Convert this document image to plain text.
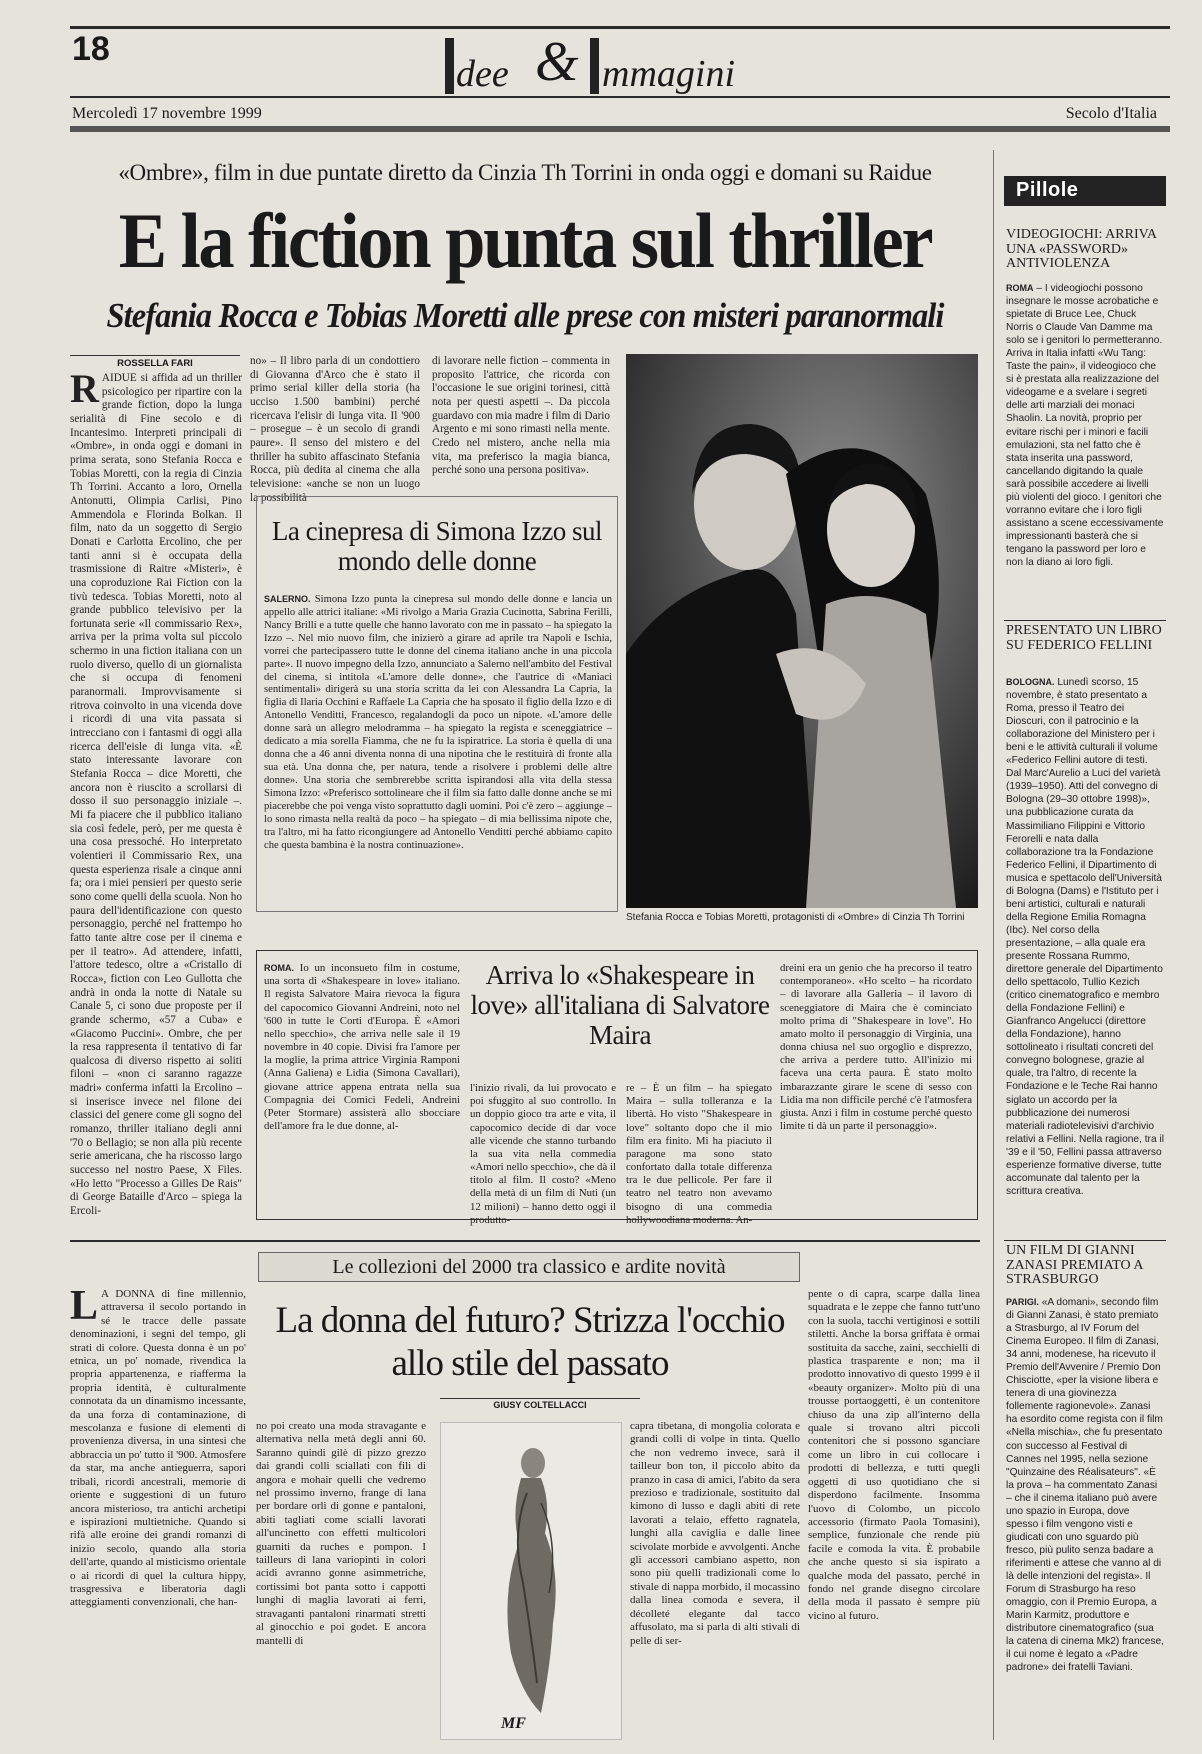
18
dee & mmagini
Mercoledì 17 novembre 1999	Secolo d'Italia
«Ombre», film in due puntate diretto da Cinzia Th Torrini in onda oggi e domani su Raidue
E la fiction punta sul thriller
Stefania Rocca e Tobias Moretti alle prese con misteri paranormali
ROSSELLA FARI
RAIDUE si affida ad un thriller psicologico per ripartire con la grande fiction, dopo la lunga serialità di Fine secolo e di Incantesimo. Interpreti principali di «Ombre», in onda oggi e domani in prima serata, sono Stefania Rocca e Tobias Moretti, con la regia di Cinzia Th Torrini. Accanto a loro, Ornella Antonutti, Olimpia Carlisi, Pino Ammendola e Florinda Bolkan. Il film, nato da un soggetto di Sergio Donati e Carlotta Ercolino, che per tanti anni si è occupata della trasmissione di Raitre «Misteri», è una coproduzione Rai Fiction con la tivù tedesca. Tobias Moretti, noto al grande pubblico televisivo per la fortunata serie «Il commissario Rex», arriva per la prima volta sul piccolo schermo in una fiction italiana con un ruolo diverso, quello di un giornalista che si occupa di fenomeni paranormali. Improvvisamente si ritrova coinvolto in una vicenda dove i ricordi di una vita passata si intrecciano con i fantasmi di oggi alla ricerca dell'eisle di lunga vita. «È stato interessante lavorare con Stefania Rocca – dice Moretti, che ancora non è riuscito a scrollarsi di dosso il suo personaggio iniziale –. Mi fa piacere che il pubblico italiano sia così fedele, però, per me questa è una cosa pressoché. Ho interpretato volentieri il Commissario Rex, una questa esperienza risale a cinque anni fa; ora i miei pensieri per questo serie sono come quelli della scuola. Non ho paura dell'identificazione con questo personaggio, perché nel frattempo ho fatto tante altre cose per il cinema e per il teatro». Ad attendere, infatti, l'attore tedesco, oltre a «Cristallo di Rocca», fiction con Leo Gullotta che andrà in onda la notte di Natale su Canale 5, ci sono due proposte per il grande schermo, «57 a Cuba» e «Giacomo Puccini». Ombre, che per la resa rappresenta il tentativo di far qualcosa di diverso rispetto ai soliti filoni – «non ci saranno ragazze madri» conferma infatti la Ercolino – si inserisce invece nel filone dei classici del genere come gli sogno del romanzo, thriller italiano degli anni '70 o Bellagio; se non alla più recente serie americana, che ha riscosso largo successo nel nostro Paese, X Files. «Ho letto "Processo a Gilles De Rais" di George Bataille d'Arco – spiega la Ercoli-
no» – Il libro parla di un condottiero di Giovanna d'Arco che è stato il primo serial killer della storia (ha ucciso 1.500 bambini) perché ricercava l'elisir di lunga vita. Il '900 – prosegue – è un secolo di grandi paure». Il senso del mistero e del thriller ha subito affascinato Stefania Rocca, più dedita al cinema che alla televisione: «anche se non un luogo la possibilità
di lavorare nelle fiction – commenta in proposito l'attrice, che ricorda con l'occasione le sue origini torinesi, città nota per questi aspetti –. Da piccola guardavo con mia madre i film di Dario Argento e mi sono rimasti nella mente. Credo nel mistero, anche nella mia vita, ma preferisco la magia bianca, perché sono una persona positiva».
Stefania Rocca e Tobias Moretti, protagonisti di «Ombre» di Cinzia Th Torrini
La cinepresa di Simona Izzo sul mondo delle donne
SALERNO. Simona Izzo punta la cinepresa sul mondo delle donne e lancia un appello alle attrici italiane: «Mi rivolgo a Maria Grazia Cucinotta, Sabrina Ferilli, Nancy Brilli e a tutte quelle che hanno lavorato con me in passato – ha spiegato la Izzo –. Nel mio nuovo film, che inizierò a girare ad aprile tra Napoli e Ischia, vorrei che partecipassero tutte le donne del cinema italiano anche in una piccola parte». Il nuovo impegno della Izzo, annunciato a Salerno nell'ambito del Festival del cinema, si intitola «L'amore delle donne», che l'autrice di «Maniaci sentimentali» dirigerà su una storia scritta da lei con Alessandra La Capria, la figlia di Ilaria Occhini e Raffaele La Capria che ha sposato il figlio della Izzo e di Antonello Venditti, Francesco, regalandogli da poco un nipote. «L'amore delle donne sarà un allegro melodramma – ha spiegato la regista e sceneggiatrice – dedicato a mia sorella Fiamma, che ne fu la ispiratrice. La storia è quella di una donna che a 46 anni diventa nonna di una nipotina che le restituirà di fronte alla sua età. Una donna che, per natura, tende a risolvere i problemi delle altre donne». Una storia che sembrerebbe scritta ispirandosi alla vita della stessa Simona Izzo: «Preferisco sottolineare che il film sia fatto dalle donne anche se mi piacerebbe che poi venga visto soprattutto dagli uomini. Poi c'è zero – aggiunge – lo sono rimasta nella realtà da poco – ha spiegato – di mia bellissima nipote che, tra l'altro, mi ha fatto ricongiungere ad Antonello Venditti perché abbiamo capito che questa bambina è la nostra continuazione».
Arriva lo «Shakespeare in love» all'italiana di Salvatore Maira
ROMA. Io un inconsueto film in costume, una sorta di «Shakespeare in love» italiano. Il regista Salvatore Maira rievoca la figura del capocomico Giovanni Andreini, noto nel '600 in tutte le Corti d'Europa. È «Amori nello specchio», che arriva nelle sale il 19 novembre in 40 copie. Divisi fra l'amore per la moglie, la prima attrice Virginia Ramponi (Anna Galiena) e Lidia (Simona Cavallari), giovane attrice appena entrata nella sua Compagnia dei Comici Fedeli, Andreini (Peter Stormare) assisterà allo sbocciare dell'amore fra le due donne, al-
l'inizio rivali, da lui provocato e poi sfuggito al suo controllo. In un doppio gioco tra arte e vita, il capocomico decide di dar voce alle vicende che stanno turbando la sua vita nella commedia «Amori nello specchio», che dà il titolo al film. Il costo? «Meno della metà di un film di Nuti (un 12 milioni) – hanno detto oggi il produtto-
re – È un film – ha spiegato Maira – sulla tolleranza e la libertà. Ho visto "Shakespeare in love" soltanto dopo che il mio film era finito. Mi ha piaciuto il paragone ma sono stato confortato dalla totale differenza tra le due pellicole. Per fare il teatro nel teatro non avevamo bisogno di una commedia hollywoodiana moderna. An-
dreini era un genio che ha precorso il teatro contemporaneo». «Ho scelto – ha ricordato – di lavorare alla Galleria – il lavoro di sceneggiatore di Maira che è cominciato molto prima di "Shakespeare in love". Ho amato molto il personaggio di Virginia, una donna chiusa nel suo orgoglio e disprezzo, che arriva a perdere tutto. All'inizio mi faceva una certa paura. È stato molto imbarazzante girare le scene di sesso con Lidia ma non difficile perché c'è l'atmosfera giusta. Anzi i film in costume perché questo limite ti dà un parte il personaggio».
Le collezioni del 2000 tra classico e ardite novità
La donna del futuro? Strizza l'occhio allo stile del passato
GIUSY COLTELLACCI
L A DONNA di fine millennio, attraversa il secolo portando in sé le tracce delle passate denominazioni, i segni del tempo, gli strati di colore. Questa donna è un po' etnica, un po' nomade, rivendica la propria appartenenza, e riafferma la propria identità, è culturalmente connotata da un dinamismo incessante, da una forza di contaminazione, di mescolanza e fusione di elementi di provenienza diversa, in una sintesi che abbraccia un po' tutto il '900. Atmosfere da star, ma anche antieguerra, sapori tribali, ricordi ancestrali, memorie di oriente e suggestioni di un futuro ancora misterioso, tra antichi archetipi e ispirazioni multietniche. Quando si rifà alle eroine dei grandi romanzi di inizio secolo, quando alla storia dell'arte, quando al misticismo orientale o ai ricordi di quel la cultura hippy, trasgressiva e liberatoria dagli atteggiamenti convenzionali, che han-
no poi creato una moda stravagante e alternativa nella metà degli anni 60. Saranno quindi gilè di pizzo grezzo dai grandi colli sciallati con fili di angora e mohair quelli che vedremo nel prossimo inverno, frange di lana per bordare orli di gonne e pantaloni, abiti tagliati come scialli lavorati all'uncinetto con effetti multicolori guarniti da ruches e pompon. I tailleurs di lana variopinti in colori acidi avranno gonne asimmetriche, cortissimi bot panta sotto i cappotti lunghi di maglia lavorati ai ferri, stravaganti pantaloni rinarmati stretti al ginocchio e poi godet. E ancora mantelli di
MF
capra tibetana, di mongolia colorata e grandi colli di volpe in tinta. Quello che non vedremo invece, sarà il tailleur bon ton, il piccolo abito da pranzo in casa di amici, l'abito da sera prezioso e tradizionale, sostituito dal kimono di lusso e dagli abiti di rete lavorati a telaio, effetto ragnatela, lunghi alla caviglia e dalle linee scivolate morbide e avvolgenti. Anche gli accessori cambiano aspetto, non sono più quelli tradizionali come lo stivale di nappa morbido, il mocassino dalla linea comoda e severa, il décolleté elegante dal tacco affusolato, ma si parla di alti stivali di pelle di ser-
pente o di capra, scarpe dalla linea squadrata e le zeppe che fanno tutt'uno con la suola, tacchi vertiginosi e sottili stiletti. Anche la borsa griffata è ormai sostituita da sacche, zaini, secchielli di plastica trasparente e non; ma il prodotto innovativo di questo 1999 è il «beauty organizer». Molto più di una trousse portaoggetti, è un contenitore chiuso da una zip all'interno della quale si trovano altri piccoli contenitori che si possono sganciare come un libro in cui collocare i prodotti di bellezza, e tutti quegli oggetti di uso quotidiano che si disperdono facilmente. Insomma l'uovo di Colombo, un piccolo accessorio (firmato Paola Tomasini), semplice, funzionale che rende più facile e comoda la vita. È probabile che anche questo si sia ispirato a qualche moda del passato, perché in fondo nel grande disegno circolare della moda il passato è sempre più vicino al futuro.
Pillole
VIDEOGIOCHI: ARRIVA UNA «PASSWORD» ANTIVIOLENZA
ROMA – I videogiochi possono insegnare le mosse acrobatiche e spietate di Bruce Lee, Chuck Norris o Claude Van Damme ma solo se i genitori lo permetteranno. Arriva in Italia infatti «Wu Tang: Taste the pain», il videogioco che si è prestata alla realizzazione del videogame e a svelare i segreti delle arti marziali dei monaci Shaolin. La novità, proprio per evitare rischi per i minori e facili emulazioni, sta nel fatto che è stata inserita una password, cancellando digitando la quale sarà possibile accedere ai livelli più violenti del gioco. I genitori che vorranno evitare che i loro figli assistano a scene eccessivamente impressionanti basterà che si tengano la password per loro e non la diano ai loro figli.
PRESENTATO UN LIBRO SU FEDERICO FELLINI
BOLOGNA. Lunedì scorso, 15 novembre, è stato presentato a Roma, presso il Teatro dei Dioscuri, con il patrocinio e la collaborazione del Ministero per i beni e le attività culturali il volume «Federico Fellini autore di testi. Dal Marc'Aurelio a Luci del varietà (1939–1950). Atti del convegno di Bologna (29–30 ottobre 1998)», una pubblicazione curata da Massimiliano Filippini e Vittorio Ferorelli e nata dalla collaborazione tra la Fondazione Federico Fellini, il Dipartimento di musica e spettacolo dell'Università di Bologna (Dams) e l'Istituto per i beni artistici, culturali e naturali della Regione Emilia Romagna (Ibc). Nel corso della presentazione, – alla quale era presente Rossana Rummo, direttore generale del Dipartimento dello spettacolo, Tullio Kezich (critico cinematografico e membro della Fondazione Fellini) e Gianfranco Angelucci (direttore della Fondazione), hanno sottolineato i risultati concreti del convegno bolognese, grazie al quale, tra l'altro, di recente la Fondazione e le Teche Rai hanno siglato un accordo per la pubblicazione dei numerosi materiali radiotelevisivi d'archivio relativi a Fellini. Nella ragione, tra il '39 e il '50, Fellini passa attraverso esperienze formative diverse, tutte accomunate dal talento per la scrittura creativa.
UN FILM DI GIANNI ZANASI PREMIATO A STRASBURGO
PARIGI. «A domani», secondo film di Gianni Zanasi, è stato premiato a Strasburgo, al IV Forum del Cinema Europeo. Il film di Zanasi, 34 anni, modenese, ha ricevuto il Premio dell'Avvenire / Premio Don Chisciotte, «per la visione libera e tenera di una giovinezza follemente ragionevole». Zanasi ha esordito come regista con il film «Nella mischia», che fu presentato con successo al Festival di Cannes nel 1995, nella sezione "Quinzaine des Réalisateurs". «È la prova – ha commentato Zanasi – che il cinema italiano può avere uno spazio in Europa, dove spesso i film vengono visti e giudicati con uno sguardo più fresco, più pulito senza badare a riferimenti e attese che vanno al di là delle intenzioni del regista». Il Forum di Strasburgo ha reso omaggio, con il Premio Europa, a Marin Karmitz, produttore e distributore cinematografico (sua la catena di cinema Mk2) francese, il cui nome è legato a «Padre padrone» dei fratelli Taviani.
